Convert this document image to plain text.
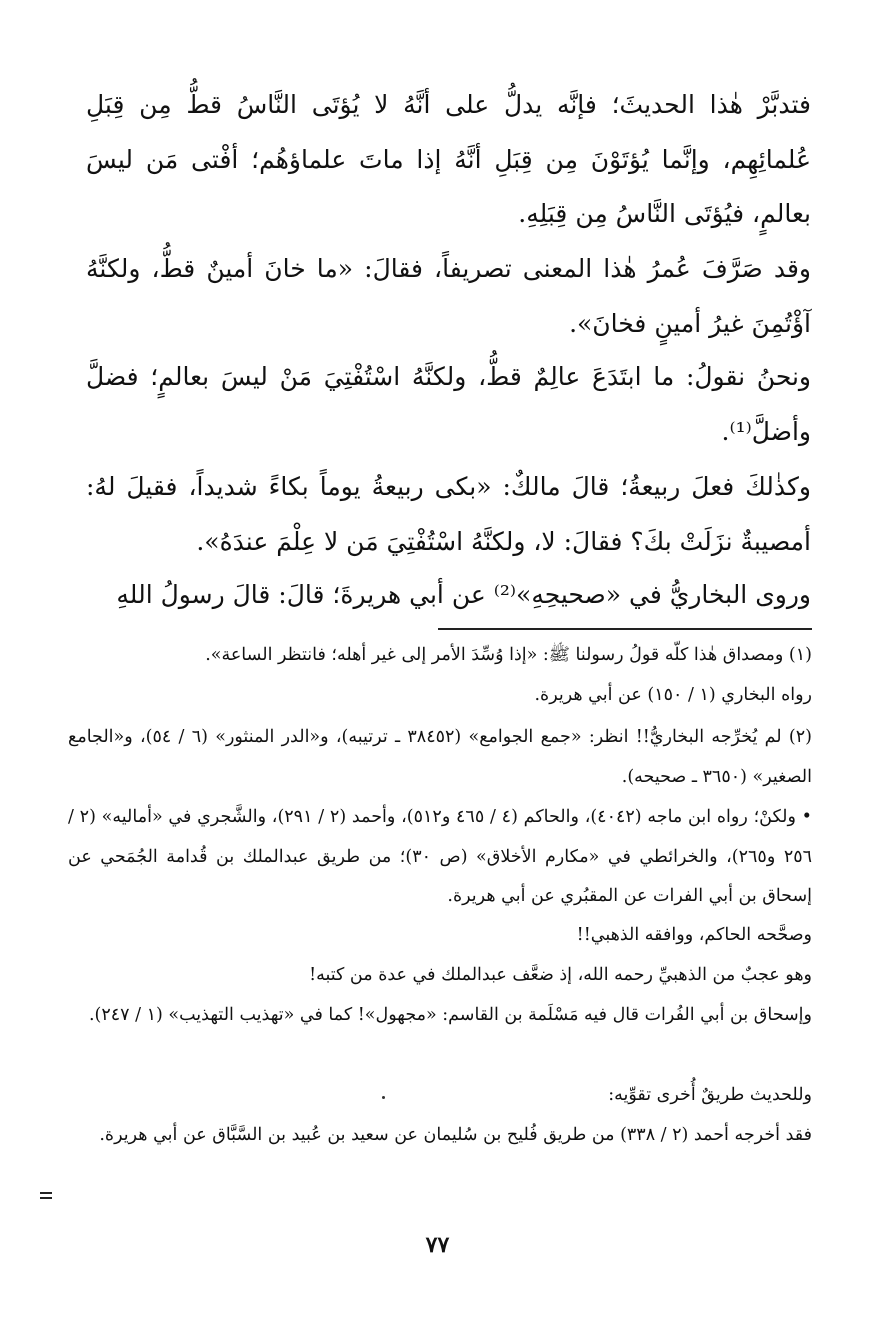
فتدبَّرْ هٰذا الحديثَ؛ فإنَّه يدلُّ على أنَّهُ لا يُؤتَى النَّاسُ قطُّ مِن قِبَلِ عُلمائِهِم، وإنَّما يُؤتَوْنَ مِن قِبَلِ أنَّهُ إذا ماتَ علماؤهُم؛ أفْتى مَن ليسَ بعالمٍ، فيُؤتَى النَّاسُ مِن قِبَلِهِ.

وقد صَرَّفَ عُمرُ هٰذا المعنى تصريفاً، فقالَ: «ما خانَ أمينٌ قطُّ، ولكنَّهُ آؤْتُمِنَ غيرُ أمينٍ فخانَ».

ونحنُ نقولُ: ما ابتَدَعَ عالِمٌ قطُّ، ولكنَّهُ اسْتُفْتِيَ مَنْ ليسَ بعالمٍ؛ فضلَّ وأضلَّ⁽¹⁾.

وكذٰلكَ فعلَ ربيعةُ؛ قالَ مالكٌ: «بكى ربيعةُ يوماً بكاءً شديداً، فقيلَ لهُ: أمصيبةٌ نزَلَتْ بكَ؟ فقالَ: لا، ولكنَّهُ اسْتُفْتِيَ مَن لا عِلْمَ عندَهُ».

وروى البخاريُّ في «صحيحِهِ»⁽²⁾ عن أبي هريرةَ؛ قالَ: قالَ رسولُ اللهِ

(١) ومصداق هٰذا كلّه قولُ رسولنا ﷺ: «إذا وُسِّدَ الأمر إلى غير أهله؛ فانتظر الساعة».

رواه البخاري (١ / ١٥٠) عن أبي هريرة.

(٢) لم يُخرِّجه البخاريُّ!! انظر: «جمع الجوامع» (٣٨٤٥٢ ـ ترتيبه)، و«الدر المنثور» (٦ / ٥٤)، و«الجامع الصغير» (٣٦٥٠ ـ صحيحه).

• ولكنْ؛ رواه ابن ماجه (٤٠٤٢)، والحاكم (٤ / ٤٦٥ و٥١٢)، وأحمد (٢ / ٢٩١)، والشَّجري في «أماليه» (٢ / ٢٥٦ و٢٦٥)، والخرائطي في «مكارم الأخلاق» (ص ٣٠)؛ من طريق عبدالملك بن قُدامة الجُمَحي عن إسحاق بن أبي الفرات عن المقبُري عن أبي هريرة.

وصحَّحه الحاكم، ووافقه الذهبي!!

وهو عجبٌ من الذهبيِّ رحمه الله، إذ ضعَّف عبدالملك في عدة من كتبه!

وإسحاق بن أبي الفُرات قال فيه مَسْلَمة بن القاسم: «مجهول»! كما في «تهذيب التهذيب» (١ / ٢٤٧).

وللحديث طريقٌ أُخرى تقوِّيه:

فقد أخرجه أحمد (٢ / ٣٣٨) من طريق فُليح بن سُليمان عن سعيد بن عُبيد بن السَّبَّاق عن أبي هريرة.

٧٧
